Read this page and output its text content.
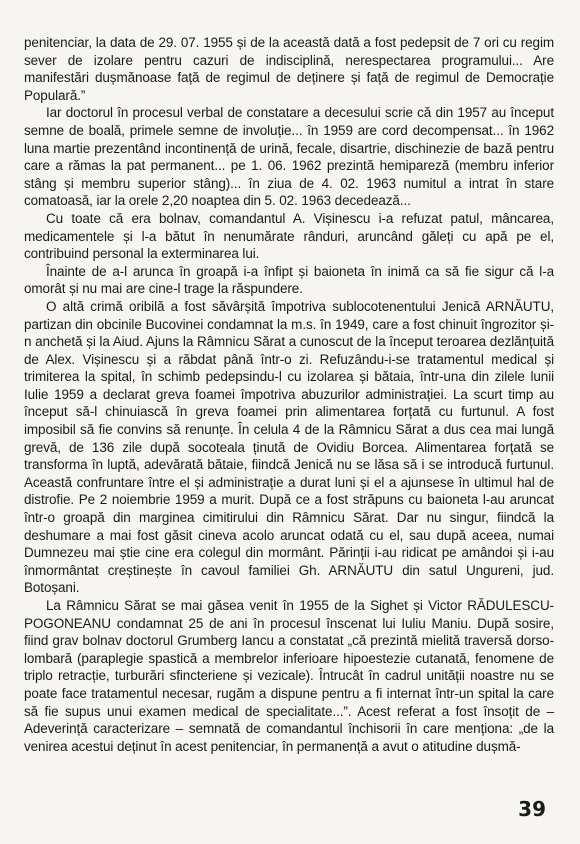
penitenciar, la data de 29. 07. 1955 și de la această dată a fost pedepsit de 7 ori cu regim sever de izolare pentru cazuri de indisciplină, nerespectarea programului... Are manifestări dușmănoase față de regimul de deținere și față de regimul de Democrație Populară.”

Iar doctorul în procesul verbal de constatare a decesului scrie că din 1957 au început semne de boală, primele semne de involuție... în 1959 are cord decompensat... în 1962 luna martie prezentând incontinență de urină, fecale, disartrie, dischinezie de bază pentru care a rămas la pat permanent... pe 1. 06. 1962 prezintă hemipareză (membru inferior stâng și membru superior stâng)... în ziua de 4. 02. 1963 numitul a intrat în stare comatoasă, iar la orele 2,20 noaptea din 5. 02. 1963 decedează...

Cu toate că era bolnav, comandantul A. Vișinescu i-a refuzat patul, mâncarea, medicamentele și l-a bătut în nenumărate rânduri, aruncând găleți cu apă pe el, contribuind personal la exterminarea lui.

Înainte de a-l arunca în groapă i-a înfipt și baioneta în inimă ca să fie sigur că l-a omorât și nu mai are cine-l trage la răspundere.

O altă crimă oribilă a fost săvârșită împotriva sublocotenentului Jenică ARNĂUTU, partizan din obcinile Bucovinei condamnat la m.s. în 1949, care a fost chinuit îngrozitor și-n anchetă și la Aiud. Ajuns la Râmnicu Sărat a cunoscut de la început teroarea dezlănțuită de Alex. Vișinescu și a răbdat până într-o zi. Refuzându-i-se tratamentul medical și trimiterea la spital, în schimb pedepsindu-l cu izolarea și bătaia, într-una din zilele lunii Iulie 1959 a declarat greva foamei împotriva abuzurilor administrației. La scurt timp au început să-l chinuiască în greva foamei prin alimentarea forțată cu furtunul. A fost imposibil să fie convins să renunțe. În celula 4 de la Râmnicu Sărat a dus cea mai lungă grevă, de 136 zile după socoteala ținută de Ovidiu Borcea. Alimentarea forțată se transforma în luptă, adevărată bătaie, fiindcă Jenică nu se lăsa să i se introducă furtunul. Această confruntare între el și administrație a durat luni și el a ajunsese în ultimul hal de distrofie. Pe 2 noiembrie 1959 a murit. După ce a fost străpuns cu baioneta l-au aruncat într-o groapă din marginea cimitirului din Râmnicu Sărat. Dar nu singur, fiindcă la deshumare a mai fost găsit cineva acolo aruncat odată cu el, sau după aceea, numai Dumnezeu mai știe cine era colegul din mormânt. Părinții i-au ridicat pe amândoi și i-au înmormântat creștinește în cavoul familiei Gh. ARNĂUTU din satul Ungureni, jud. Botoșani.

La Râmnicu Sărat se mai găsea venit în 1955 de la Sighet și Victor RĂDULESCU-POGONEANU condamnat 25 de ani în procesul înscenat lui Iuliu Maniu. După sosire, fiind grav bolnav doctorul Grumberg Iancu a constatat „că prezintă mielită traversă dorso-lombară (paraplegie spastică a membrelor inferioare hipoestezie cutanată, fenomene de triplo retracție, turburări sfincteriene și vezicale). Întrucât în cadrul unității noastre nu se poate face tratamentul necesar, rugăm a dispune pentru a fi internat într-un spital la care să fie supus unui examen medical de specialitate...”. Acest referat a fost însoțit de – Adeverință caracterizare – semnată de comandantul închisorii în care menționa: „de la venirea acestui deținut în acest penitenciar, în permanență a avut o atitudine dușmă-

39
